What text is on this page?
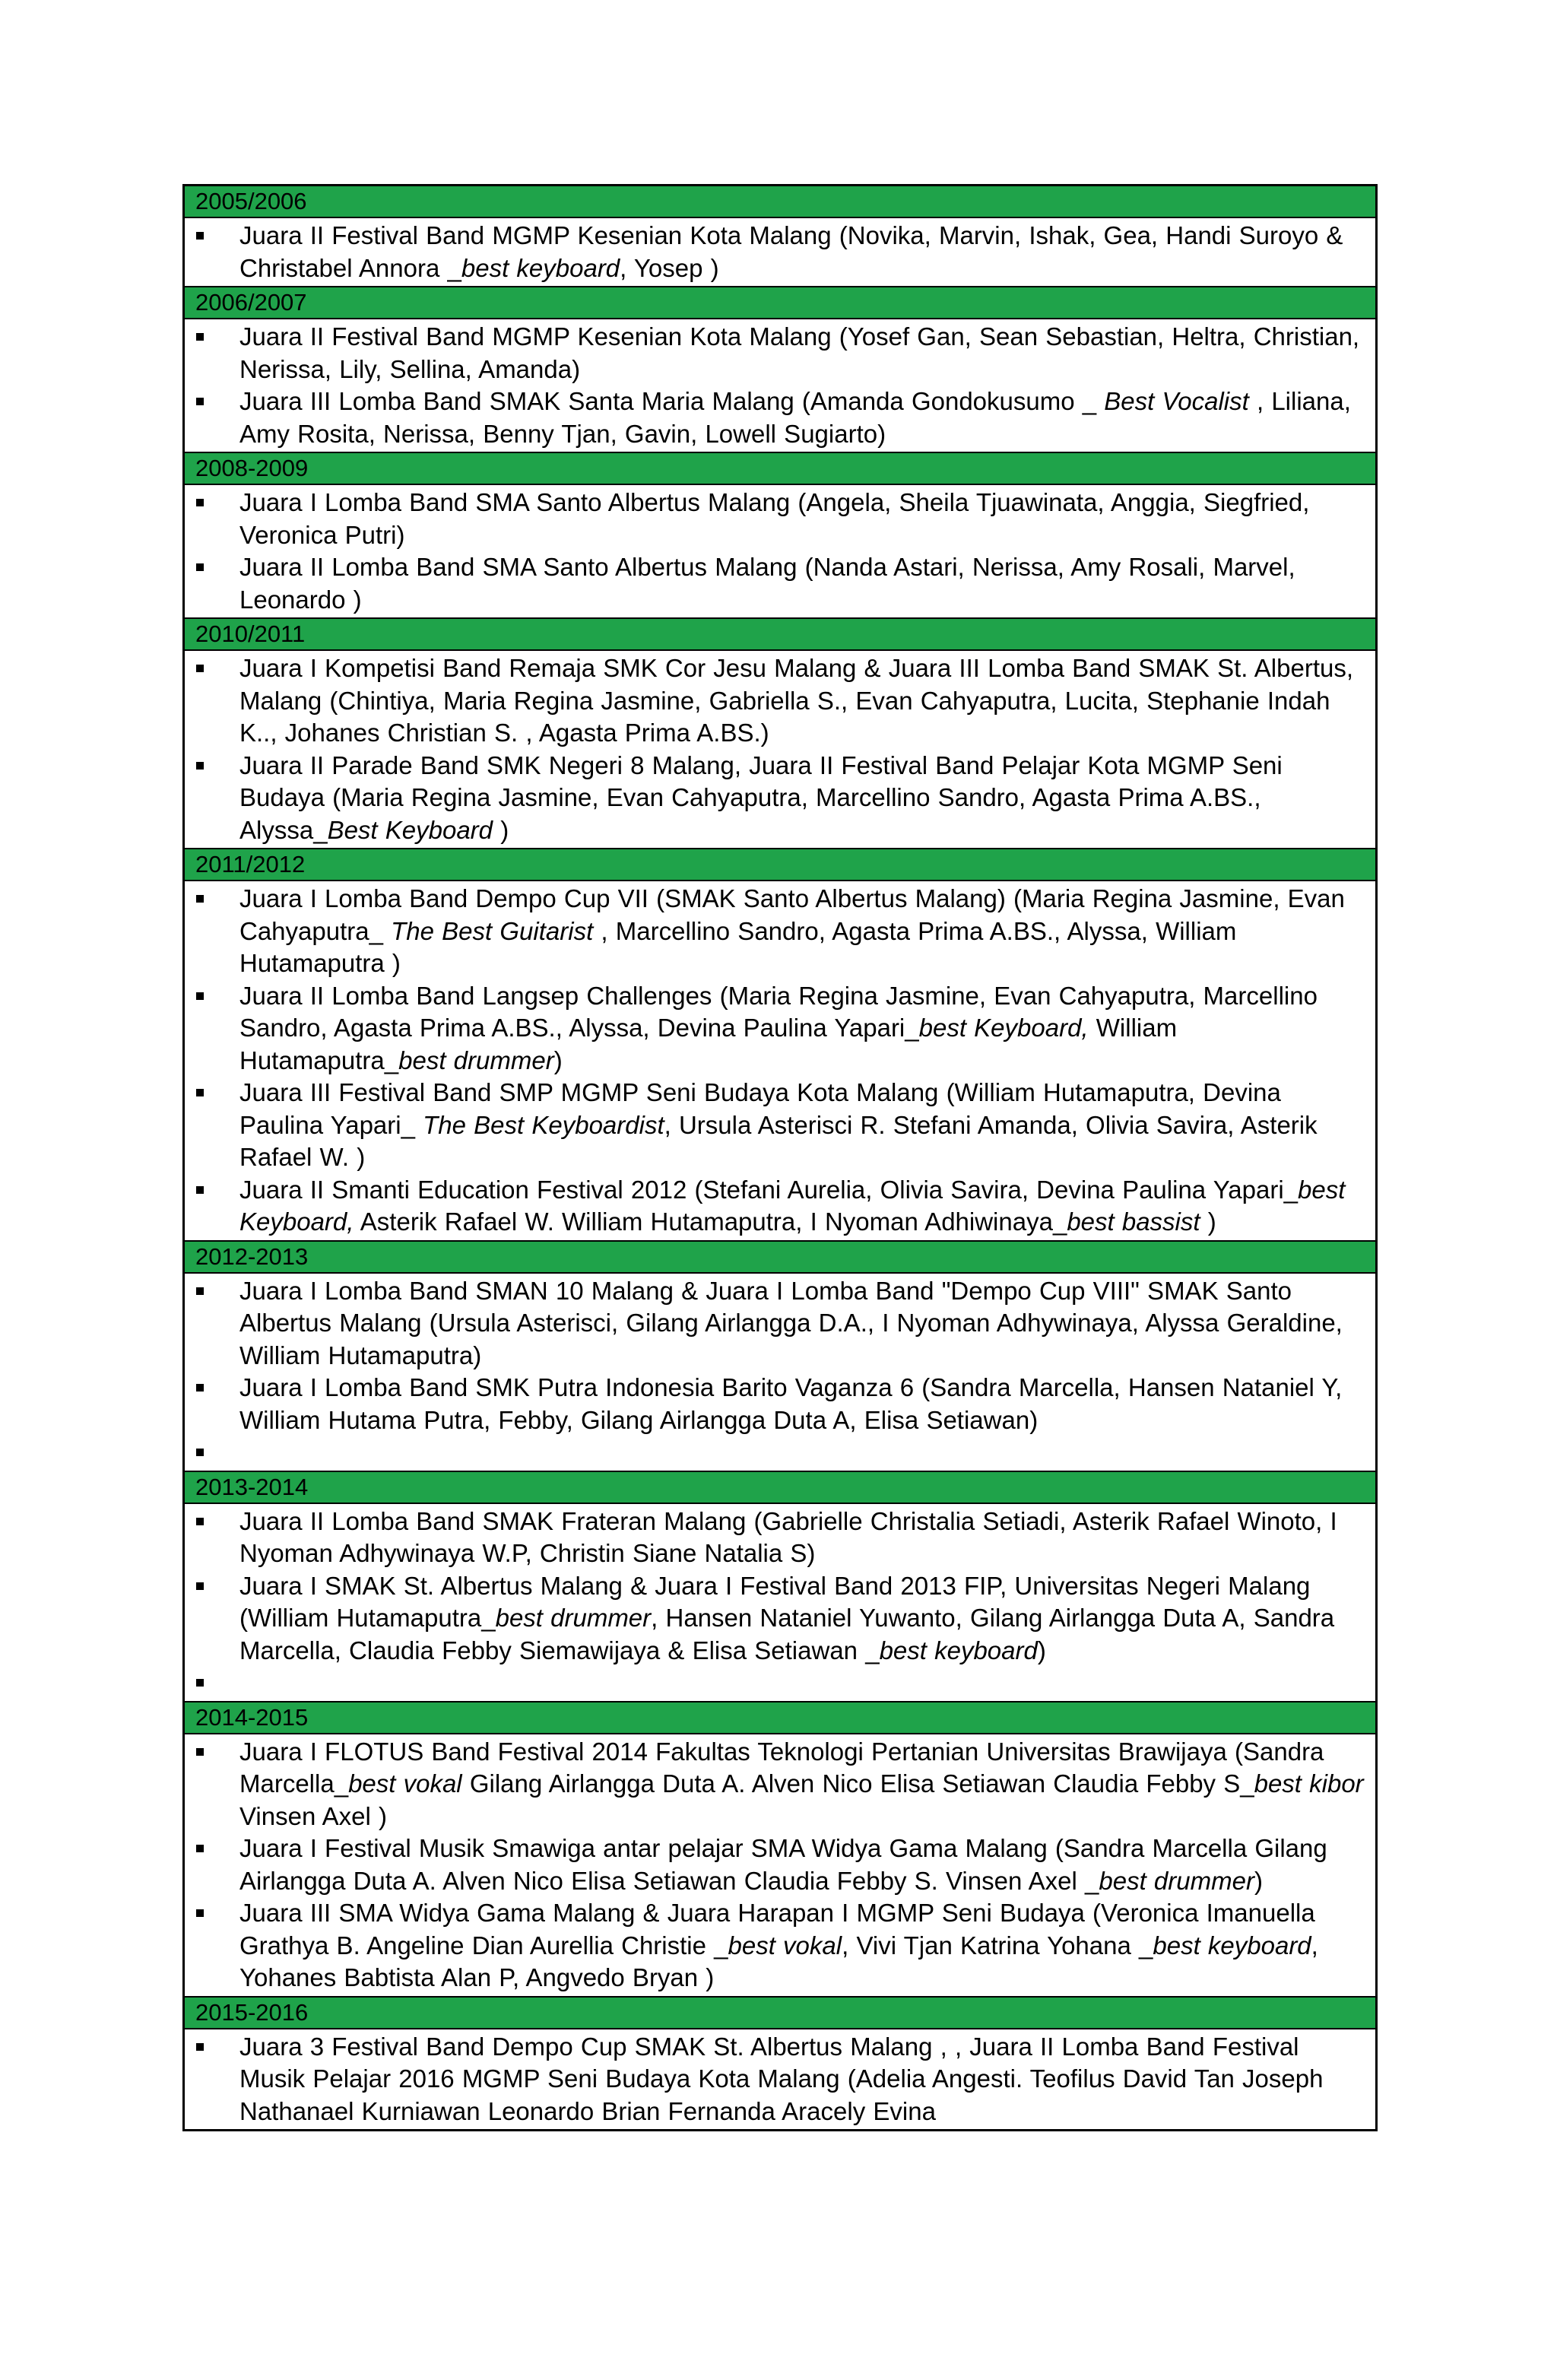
2005/2006
Juara II Festival Band MGMP Kesenian Kota Malang (Novika, Marvin, Ishak, Gea, Handi Suroyo & Christabel Annora _best keyboard, Yosep )
2006/2007
Juara II Festival Band MGMP Kesenian Kota Malang (Yosef Gan, Sean Sebastian, Heltra, Christian, Nerissa, Lily, Sellina, Amanda)
Juara III Lomba Band SMAK Santa Maria Malang (Amanda Gondokusumo _ Best Vocalist , Liliana, Amy Rosita, Nerissa, Benny Tjan, Gavin, Lowell Sugiarto)
2008-2009
Juara I Lomba Band SMA Santo Albertus Malang (Angela, Sheila Tjuawinata, Anggia, Siegfried, Veronica Putri)
Juara II Lomba Band SMA Santo Albertus Malang (Nanda Astari, Nerissa, Amy Rosali, Marvel, Leonardo )
2010/2011
Juara I Kompetisi Band Remaja SMK Cor Jesu Malang & Juara III Lomba Band SMAK St. Albertus, Malang (Chintiya, Maria Regina Jasmine, Gabriella S., Evan Cahyaputra, Lucita, Stephanie Indah K.., Johanes Christian S. , Agasta Prima A.BS.)
Juara II Parade Band SMK Negeri 8 Malang, Juara II Festival Band Pelajar Kota MGMP Seni Budaya (Maria Regina Jasmine, Evan Cahyaputra, Marcellino Sandro, Agasta Prima A.BS., Alyssa_Best Keyboard )
2011/2012
Juara I Lomba Band Dempo Cup VII (SMAK Santo Albertus Malang) (Maria Regina Jasmine, Evan Cahyaputra_ The Best Guitarist , Marcellino Sandro, Agasta Prima A.BS., Alyssa, William Hutamaputra )
Juara II Lomba Band Langsep Challenges (Maria Regina Jasmine, Evan Cahyaputra, Marcellino Sandro, Agasta Prima A.BS., Alyssa, Devina Paulina Yapari_best Keyboard, William Hutamaputra_best drummer)
Juara III Festival Band SMP MGMP Seni Budaya Kota Malang (William Hutamaputra, Devina Paulina Yapari_ The Best Keyboardist, Ursula Asterisci R. Stefani Amanda, Olivia Savira, Asterik Rafael W. )
Juara II Smanti Education Festival 2012 (Stefani Aurelia, Olivia Savira, Devina Paulina Yapari_best Keyboard, Asterik Rafael W. William Hutamaputra, I Nyoman Adhiwinaya_best bassist )
2012-2013
Juara I Lomba Band SMAN 10 Malang & Juara I Lomba Band "Dempo Cup VIII" SMAK Santo Albertus Malang (Ursula Asterisci, Gilang Airlangga D.A., I Nyoman Adhywinaya, Alyssa Geraldine, William Hutamaputra)
Juara I Lomba Band SMK Putra Indonesia Barito Vaganza 6 (Sandra Marcella, Hansen Nataniel Y, William Hutama Putra, Febby, Gilang Airlangga Duta A, Elisa Setiawan)

2013-2014
Juara II Lomba Band SMAK Frateran Malang (Gabrielle Christalia Setiadi, Asterik Rafael Winoto, I Nyoman Adhywinaya W.P, Christin Siane Natalia S)
Juara I SMAK St. Albertus Malang & Juara I Festival Band 2013 FIP, Universitas Negeri Malang (William Hutamaputra_best drummer, Hansen Nataniel Yuwanto, Gilang Airlangga Duta A, Sandra Marcella, Claudia Febby Siemawijaya & Elisa Setiawan _best keyboard)

2014-2015
Juara I FLOTUS Band Festival 2014 Fakultas Teknologi Pertanian Universitas Brawijaya (Sandra Marcella_best vokal Gilang Airlangga Duta A. Alven Nico Elisa Setiawan Claudia Febby S_best kibor Vinsen Axel )
Juara I Festival Musik Smawiga antar pelajar SMA Widya Gama Malang (Sandra Marcella Gilang Airlangga Duta A. Alven Nico Elisa Setiawan Claudia Febby S. Vinsen Axel _best drummer)
Juara III SMA Widya Gama Malang & Juara Harapan I MGMP Seni Budaya (Veronica Imanuella Grathya B. Angeline Dian Aurellia Christie _best vokal, Vivi Tjan Katrina Yohana _best keyboard, Yohanes Babtista Alan P, Angvedo Bryan )
2015-2016
Juara 3 Festival Band Dempo Cup SMAK St. Albertus Malang , , Juara II Lomba Band Festival Musik Pelajar 2016 MGMP Seni Budaya Kota Malang (Adelia Angesti. Teofilus David Tan Joseph Nathanael Kurniawan Leonardo Brian Fernanda Aracely Evina
